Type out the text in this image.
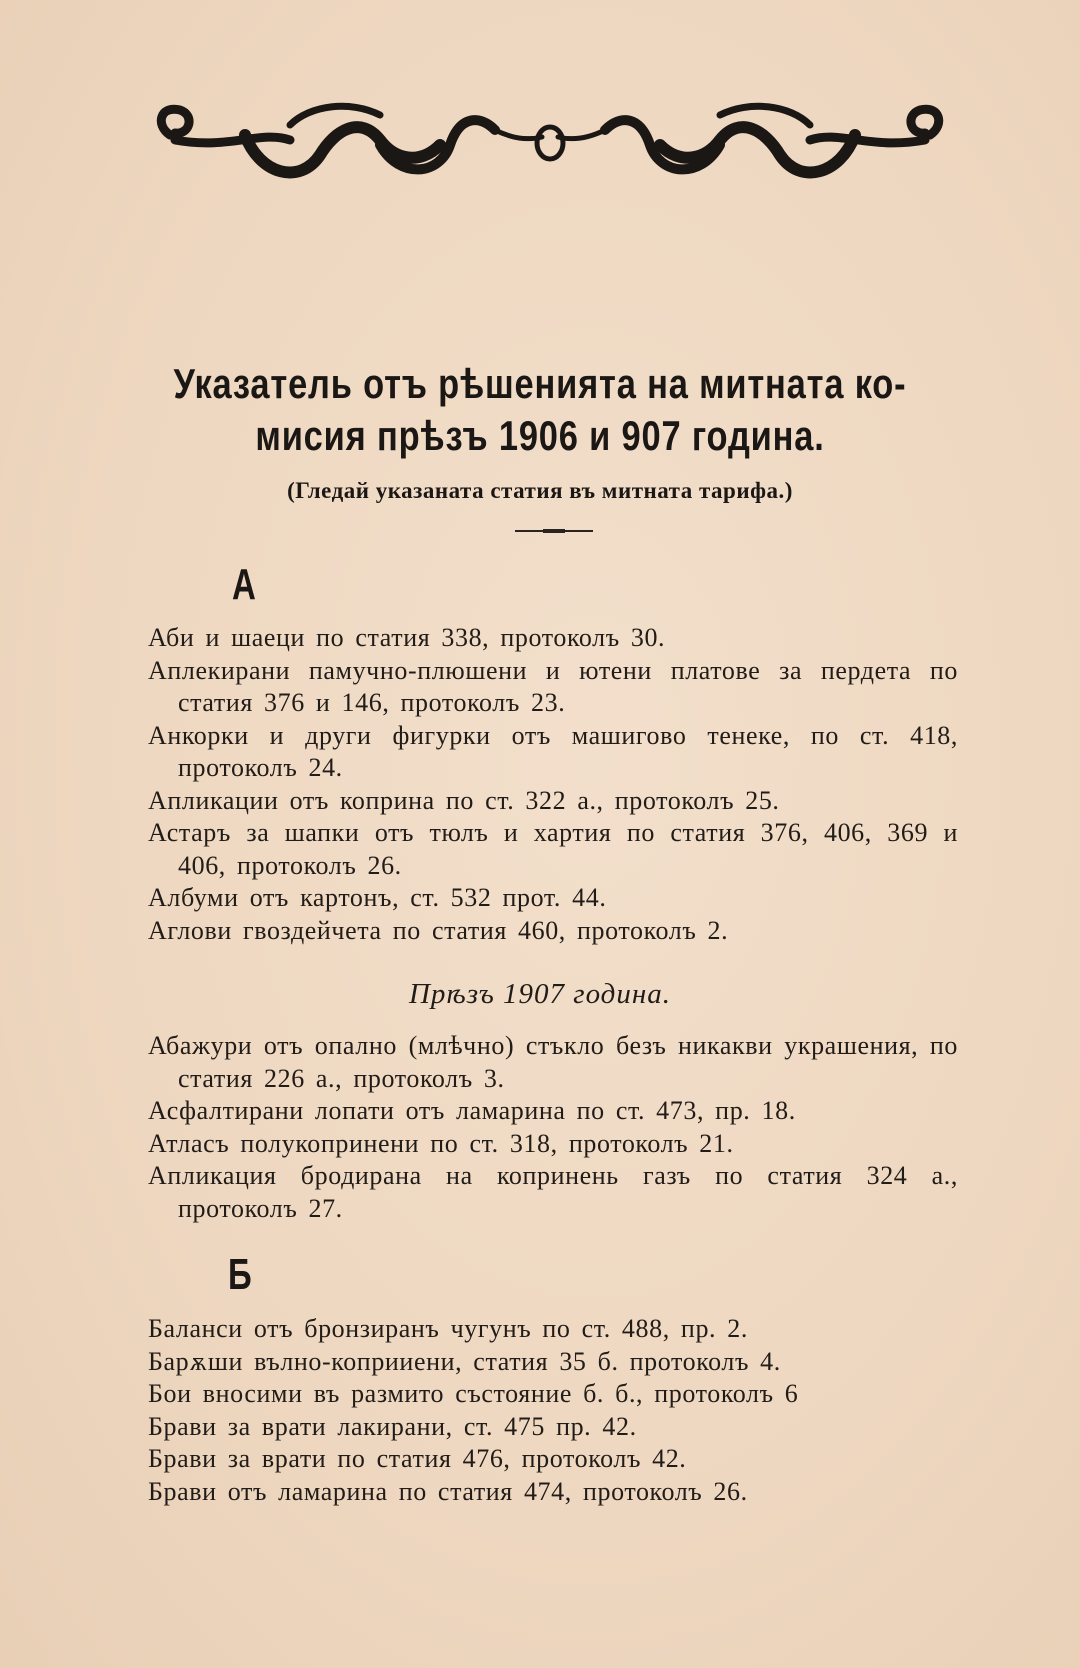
Указатель отъ рѣшенията на митната ко-
мисия прѣзъ 1906 и 907 година.
(Гледай указаната статия въ митната тарифа.)
А
Аби и шаеци по статия 338, протоколъ 30.
Аплекирани памучно-плюшени и ютени платове за пердета по статия 376 и 146, протоколъ 23.
Анкорки и други фигурки отъ машигово тенеке, по ст. 418, протоколъ 24.
Апликации отъ коприна по ст. 322 а., протоколъ 25.
Астаръ за шапки отъ тюлъ и хартия по статия 376, 406, 369 и 406, протоколъ 26.
Албуми отъ картонъ, ст. 532 прот. 44.
Аглови гвоздейчета по статия 460, протоколъ 2.
Прѣзъ 1907 година.
Абажури отъ опално (млѣчно) стъкло безъ никакви украшения, по статия 226 а., протоколъ 3.
Асфалтирани лопати отъ ламарина по ст. 473, пр. 18.
Атласъ полукопринени по ст. 318, протоколъ 21.
Апликация бродирана на копринень газъ по статия 324 а., протоколъ 27.
Б
Баланси отъ бронзиранъ чугунъ по ст. 488, пр. 2.
Барѫши вълно-коприиени, статия 35 б. протоколъ 4.
Бои вносими въ размито състояние б. б., протоколъ 6
Брави за врати лакирани, ст. 475 пр. 42.
Брави за врати по статия 476, протоколъ 42.
Брави отъ ламарина по статия 474, протоколъ 26.
